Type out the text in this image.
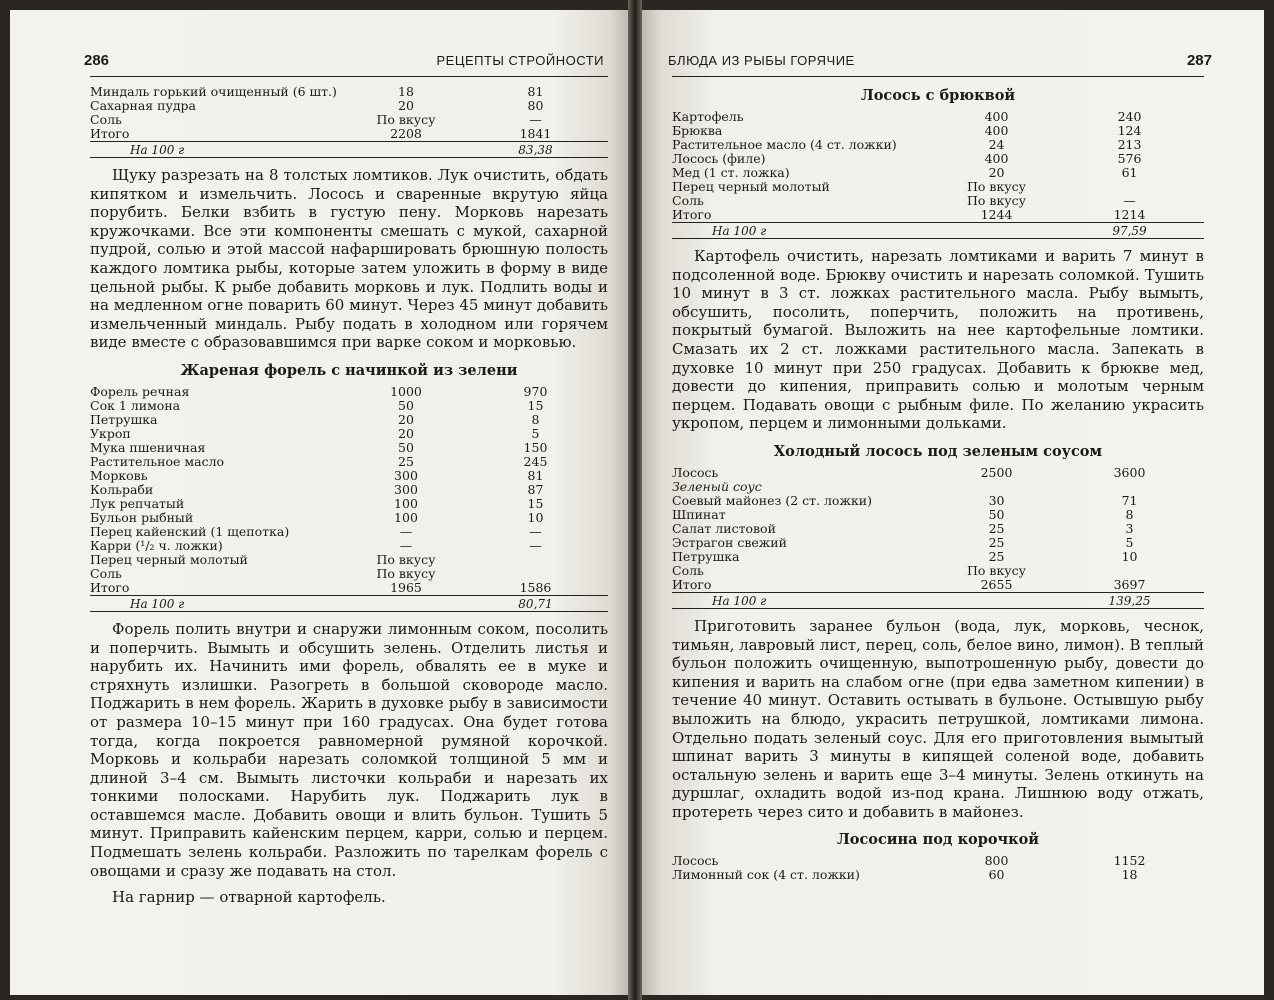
286	РЕЦЕПТЫ СТРОЙНОСТИ
Миндаль горький очищенный (6 шт.)	18	81
Сахарная пудра	20	80
Соль	По вкусу	—
Итого	2208	1841
На 100 г		83,38

Щуку разрезать на 8 толстых ломтиков. Лук очистить, обдать кипятком и измельчить. Лосось и сваренные вкрутую яйца порубить. Белки взбить в густую пену. Морковь нарезать кружочками. Все эти компоненты смешать с мукой, сахарной пудрой, солью и этой массой нафаршировать брюшную полость каждого ломтика рыбы, которые затем уложить в форму в виде цельной рыбы. К рыбе добавить морковь и лук. Подлить воды и на медленном огне поварить 60 минут. Через 45 минут добавить измельченный миндаль. Рыбу подать в холодном или горячем виде вместе с образовавшимся при варке соком и морковью.

Жареная форель с начинкой из зелени
Форель речная	1000	970
Сок 1 лимона	50	15
Петрушка	20	8
Укроп	20	5
Мука пшеничная	50	150
Растительное масло	25	245
Морковь	300	81
Кольраби	300	87
Лук репчатый	100	15
Бульон рыбный	100	10
Перец кайенский (1 щепотка)	—	—
Карри (¹/₂ ч. ложки)	—	—
Перец черный молотый	По вкусу	
Соль	По вкусу	
Итого	1965	1586
На 100 г		80,71

Форель полить внутри и снаружи лимонным соком, посолить и поперчить. Вымыть и обсушить зелень. Отделить листья и нарубить их. Начинить ими форель, обвалять ее в муке и стряхнуть излишки. Разогреть в большой сковороде масло. Поджарить в нем форель. Жарить в духовке рыбу в зависимости от размера 10–15 минут при 160 градусах. Она будет готова тогда, когда покроется равномерной румяной корочкой. Морковь и кольраби нарезать соломкой толщиной 5 мм и длиной 3–4 см. Вымыть листочки кольраби и нарезать их тонкими полосками. Нарубить лук. Поджарить лук в оставшемся масле. Добавить овощи и влить бульон. Тушить 5 минут. Приправить кайенским перцем, карри, солью и перцем. Подмешать зелень кольраби. Разложить по тарелкам форель с овощами и сразу же подавать на стол.

На гарнир — отварной картофель.

БЛЮДА ИЗ РЫБЫ ГОРЯЧИЕ	287
Лосось с брюквой
Картофель	400	240
Брюква	400	124
Растительное масло (4 ст. ложки)	24	213
Лосось (филе)	400	576
Мед (1 ст. ложка)	20	61
Перец черный молотый	По вкусу	
Соль	По вкусу	—
Итого	1244	1214
На 100 г		97,59

Картофель очистить, нарезать ломтиками и варить 7 минут в подсоленной воде. Брюкву очистить и нарезать соломкой. Тушить 10 минут в 3 ст. ложках растительного масла. Рыбу вымыть, обсушить, посолить, поперчить, положить на противень, покрытый бумагой. Выложить на нее картофельные ломтики. Смазать их 2 ст. ложками растительного масла. Запекать в духовке 10 минут при 250 градусах. Добавить к брюкве мед, довести до кипения, приправить солью и молотым черным перцем. Подавать овощи с рыбным филе. По желанию украсить укропом, перцем и лимонными дольками.

Холодный лосось под зеленым соусом
Лосось	2500	3600
Зеленый соус		
Соевый майонез (2 ст. ложки)	30	71
Шпинат	50	8
Салат листовой	25	3
Эстрагон свежий	25	5
Петрушка	25	10
Соль	По вкусу	
Итого	2655	3697
На 100 г		139,25

Приготовить заранее бульон (вода, лук, морковь, чеснок, тимьян, лавровый лист, перец, соль, белое вино, лимон). В теплый бульон положить очищенную, выпотрошенную рыбу, довести до кипения и варить на слабом огне (при едва заметном кипении) в течение 40 минут. Оставить остывать в бульоне. Остывшую рыбу выложить на блюдо, украсить петрушкой, ломтиками лимона. Отдельно подать зеленый соус. Для его приготовления вымытый шпинат варить 3 минуты в кипящей соленой воде, добавить остальную зелень и варить еще 3–4 минуты. Зелень откинуть на дуршлаг, охладить водой из-под крана. Лишнюю воду отжать, протереть через сито и добавить в майонез.

Лососина под корочкой
Лосось	800	1152
Лимонный сок (4 ст. ложки)	60	18
